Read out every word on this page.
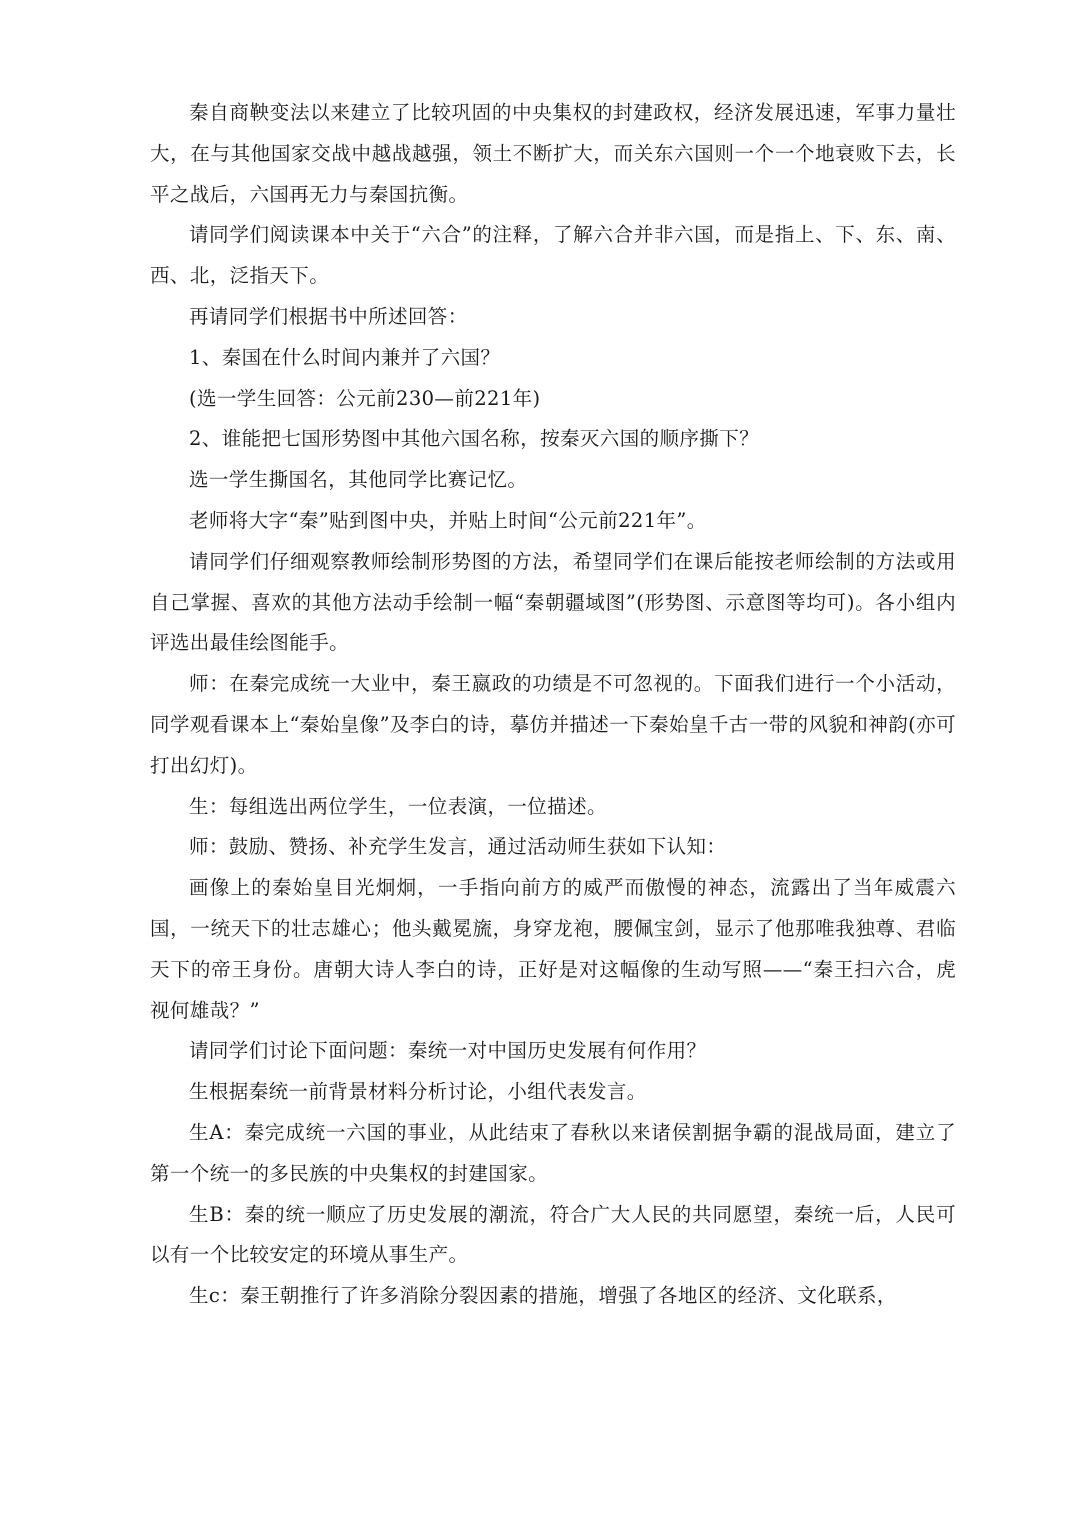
秦自商鞅变法以来建立了比较巩固的中央集权的封建政权，经济发展迅速，军事力量壮大，在与其他国家交战中越战越强，领土不断扩大，而关东六国则一个一个地衰败下去，长平之战后，六国再无力与秦国抗衡。

请同学们阅读课本中关于“六合”的注释，了解六合并非六国，而是指上、下、东、南、西、北，泛指天下。

再请同学们根据书中所述回答：

1、秦国在什么时间内兼并了六国？

(选一学生回答：公元前230—前221年)

2、谁能把七国形势图中其他六国名称，按秦灭六国的顺序撕下？

选一学生撕国名，其他同学比赛记忆。

老师将大字“秦”贴到图中央，并贴上时间“公元前221年”。

请同学们仔细观察教师绘制形势图的方法，希望同学们在课后能按老师绘制的方法或用自己掌握、喜欢的其他方法动手绘制一幅“秦朝疆域图”(形势图、示意图等均可)。各小组内评选出最佳绘图能手。

师：在秦完成统一大业中，秦王嬴政的功绩是不可忽视的。下面我们进行一个小活动，同学观看课本上“秦始皇像”及李白的诗，摹仿并描述一下秦始皇千古一带的风貌和神韵(亦可打出幻灯)。

生：每组选出两位学生，一位表演，一位描述。

师：鼓励、赞扬、补充学生发言，通过活动师生获如下认知：

画像上的秦始皇目光炯炯，一手指向前方的威严而傲慢的神态，流露出了当年威震六国，一统天下的壮志雄心；他头戴冕旒，身穿龙袍，腰佩宝剑，显示了他那唯我独尊、君临天下的帝王身份。唐朝大诗人李白的诗，正好是对这幅像的生动写照——“秦王扫六合，虎视何雄哉？”

请同学们讨论下面问题：秦统一对中国历史发展有何作用？

生根据秦统一前背景材料分析讨论，小组代表发言。

生A：秦完成统一六国的事业，从此结束了春秋以来诸侯割据争霸的混战局面，建立了第一个统一的多民族的中央集权的封建国家。

生B：秦的统一顺应了历史发展的潮流，符合广大人民的共同愿望，秦统一后，人民可以有一个比较安定的环境从事生产。

生c：秦王朝推行了许多消除分裂因素的措施，增强了各地区的经济、文化联系，
